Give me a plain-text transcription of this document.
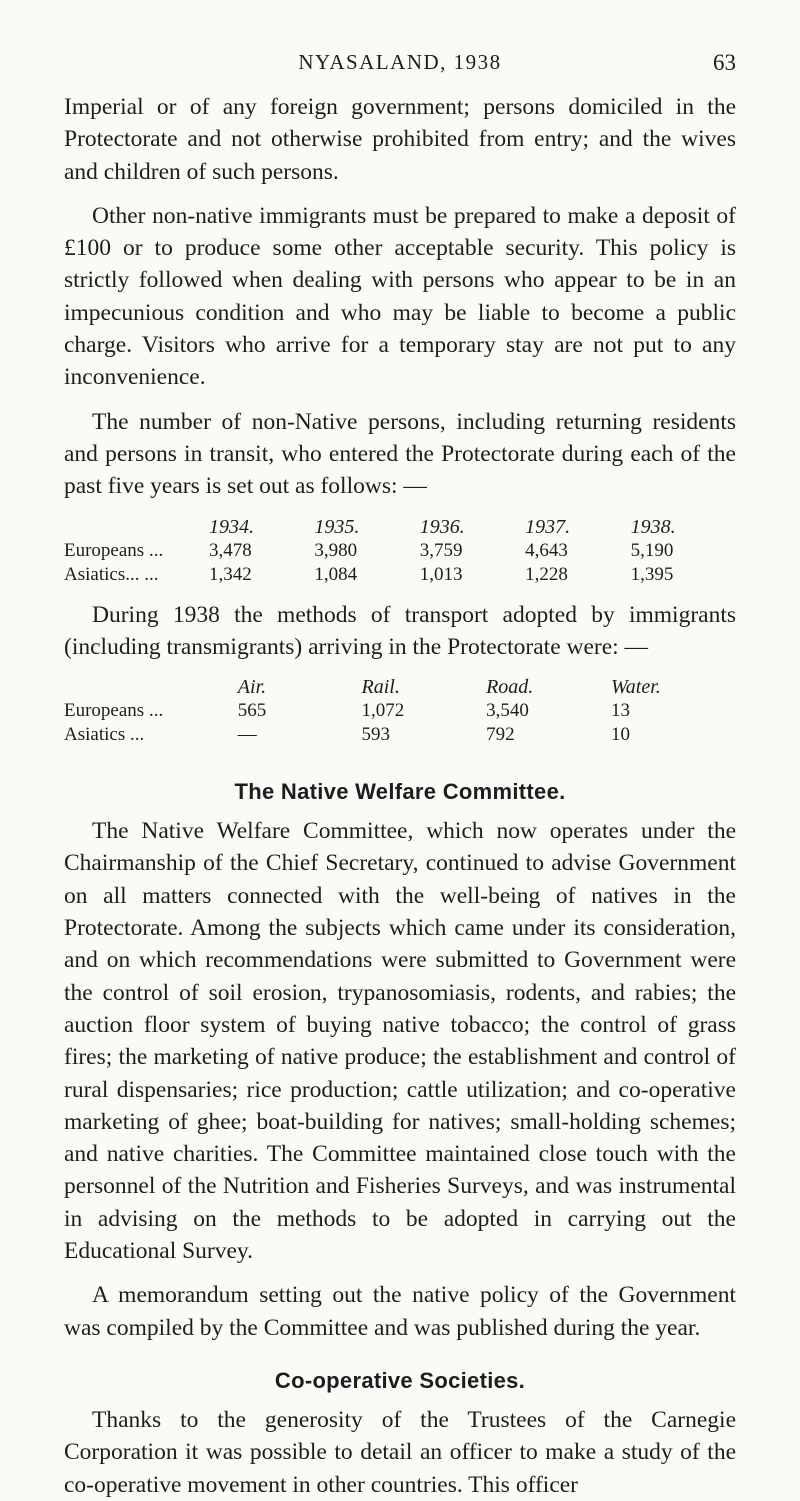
NYASALAND, 1938	63

Imperial or of any foreign government; persons domiciled in the Protectorate and not otherwise prohibited from entry; and the wives and children of such persons.

Other non-native immigrants must be prepared to make a deposit of £100 or to produce some other acceptable security. This policy is strictly followed when dealing with persons who appear to be in an impecunious condition and who may be liable to become a public charge. Visitors who arrive for a temporary stay are not put to any inconvenience.

The number of non-Native persons, including returning residents and persons in transit, who entered the Protectorate during each of the past five years is set out as follows: —

	1934.	1935.	1936.	1937.	1938.
Europeans ...	3,478	3,980	3,759	4,643	5,190
Asiatics... ...	1,342	1,084	1,013	1,228	1,395

During 1938 the methods of transport adopted by immigrants (including transmigrants) arriving in the Protectorate were: —

	Air.	Rail.	Road.	Water.
Europeans ...	565	1,072	3,540	13
Asiatics ...	—	593	792	10
The Native Welfare Committee.

The Native Welfare Committee, which now operates under the Chairmanship of the Chief Secretary, continued to advise Government on all matters connected with the well-being of natives in the Protectorate. Among the subjects which came under its consideration, and on which recommendations were submitted to Government were the control of soil erosion, trypanosomiasis, rodents, and rabies; the auction floor system of buying native tobacco; the control of grass fires; the marketing of native produce; the establishment and control of rural dispensaries; rice production; cattle utilization; and co-operative marketing of ghee; boat-building for natives; small-holding schemes; and native charities. The Committee maintained close touch with the personnel of the Nutrition and Fisheries Surveys, and was instrumental in advising on the methods to be adopted in carrying out the Educational Survey.

A memorandum setting out the native policy of the Government was compiled by the Committee and was published during the year.

Co-operative Societies.

Thanks to the generosity of the Trustees of the Carnegie Corporation it was possible to detail an officer to make a study of the co-operative movement in other countries. This officer
